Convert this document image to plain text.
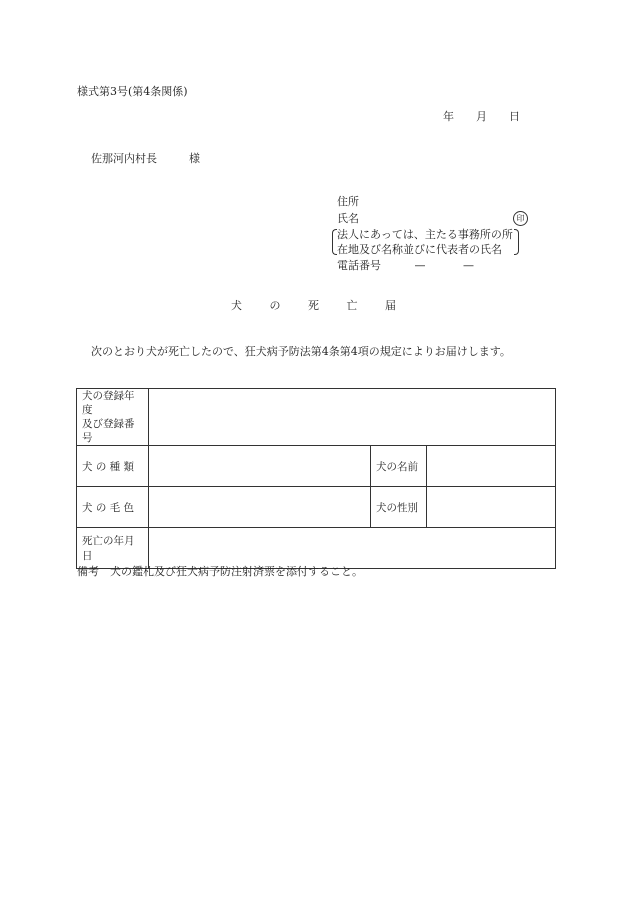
様式第3号(第4条関係)
年 月 日
佐那河内村長	様
住所
氏名	印
法人にあっては、主たる事務所の所
在地及び名称並びに代表者の氏名
電話番号	—	—
犬	の	死	亡	届
次のとおり犬が死亡したので、狂犬病予防法第4条第4項の規定によりお届けします。
犬の登録年度
及び登録番号			

犬 の 種 類		犬の名前	
犬 の 毛 色		犬の性別	
死亡の年月日			
備考　犬の鑑札及び狂犬病予防注射済票を添付すること。
